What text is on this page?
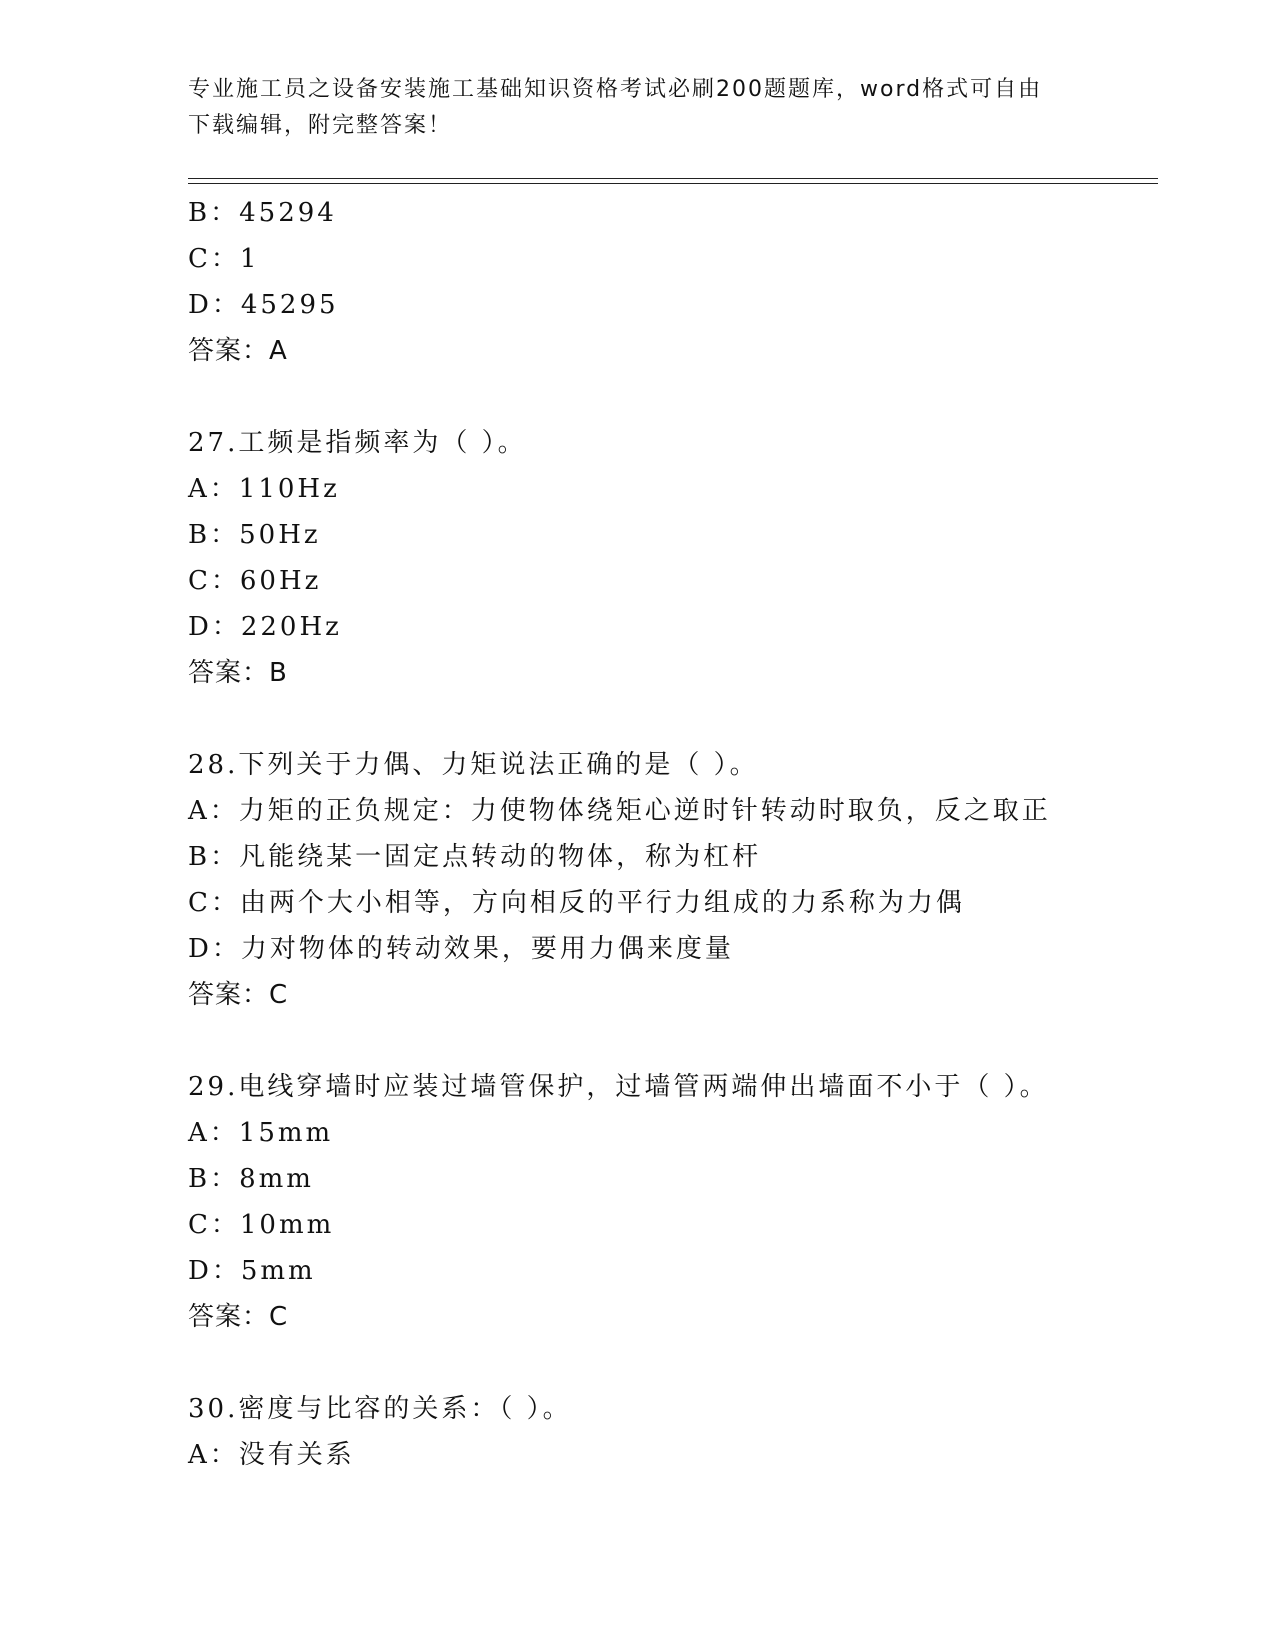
专业施工员之设备安装施工基础知识资格考试必刷200题题库，word格式可自由
下载编辑，附完整答案！
B：45294
C：1
D：45295
答案：A
27.工频是指频率为（ ）。
A：110Hz
B：50Hz
C：60Hz
D：220Hz
答案：B
28.下列关于力偶、力矩说法正确的是（ ）。
A：力矩的正负规定：力使物体绕矩心逆时针转动时取负，反之取正
B：凡能绕某一固定点转动的物体，称为杠杆
C：由两个大小相等，方向相反的平行力组成的力系称为力偶
D：力对物体的转动效果，要用力偶来度量
答案：C
29.电线穿墙时应装过墙管保护，过墙管两端伸出墙面不小于（ ）。
A：15mm
B：8mm
C：10mm
D：5mm
答案：C
30.密度与比容的关系：（ ）。
A：没有关系
